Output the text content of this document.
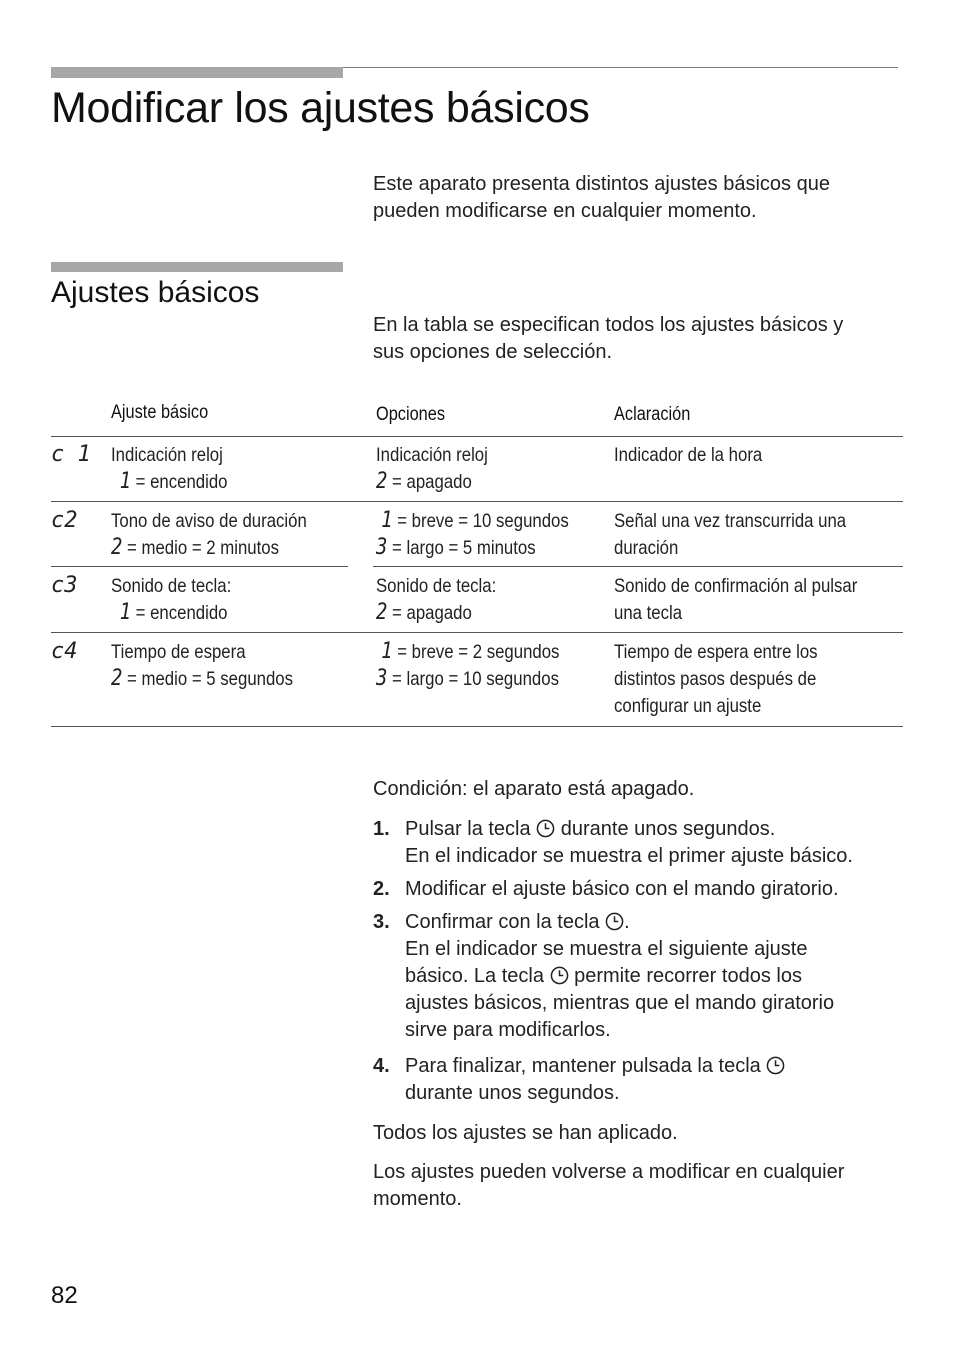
Modificar los ajustes básicos
Este aparato presenta distintos ajustes básicos que
pueden modificarse en cualquier momento.
Ajustes básicos
En la tabla se especifican todos los ajustes básicos y
sus opciones de selección.
Ajuste básico	Opciones	Aclaración
c 1 Indicación reloj
1 = encendido
Indicación reloj
2 = apagado
Indicador de la hora
c2 Tono de aviso de duración
2 = medio = 2 minutos
1 = breve = 10 segundos
3 = largo = 5 minutos
Señal una vez transcurrida una
duración
c3 Sonido de tecla:
1 = encendido
Sonido de tecla:
2 = apagado
Sonido de confirmación al pulsar
una tecla
c4 Tiempo de espera
2 = medio = 5 segundos
1 = breve = 2 segundos
3 = largo = 10 segundos
Tiempo de espera entre los
distintos pasos después de
configurar un ajuste
Condición: el aparato está apagado.
1. Pulsar la tecla  durante unos segundos.
En el indicador se muestra el primer ajuste básico.
2. Modificar el ajuste básico con el mando giratorio.
3. Confirmar con la tecla .
En el indicador se muestra el siguiente ajuste
básico. La tecla  permite recorrer todos los
ajustes básicos, mientras que el mando giratorio
sirve para modificarlos.
4. Para finalizar, mantener pulsada la tecla
durante unos segundos.
Todos los ajustes se han aplicado.
Los ajustes pueden volverse a modificar en cualquier
momento.
82
